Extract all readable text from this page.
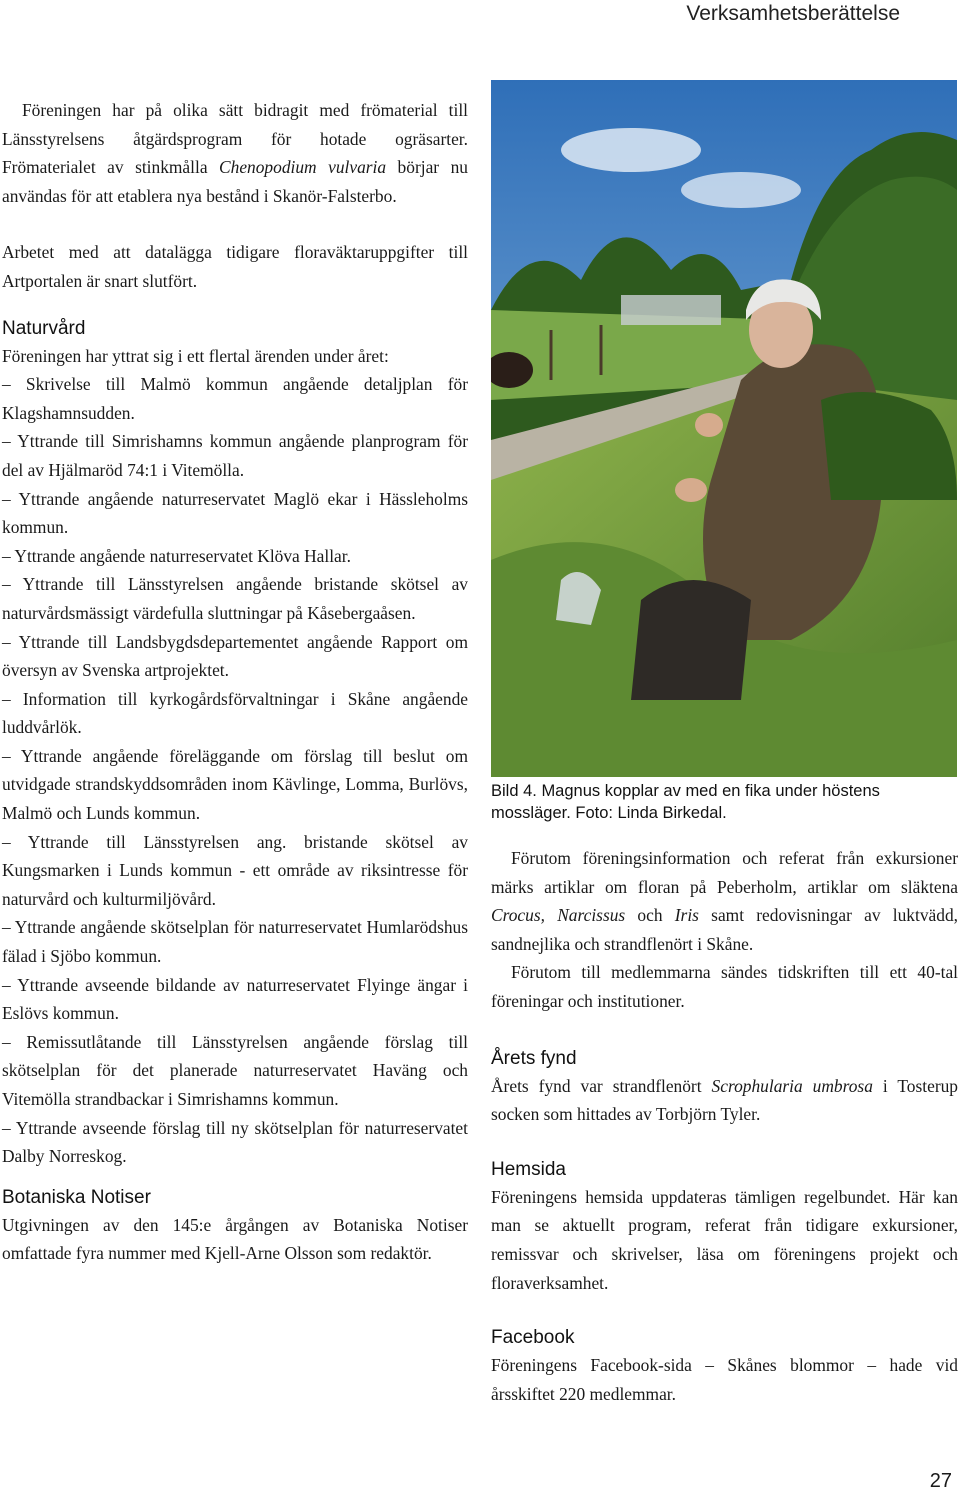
Verksamhetsberättelse

Föreningen har på olika sätt bidragit med frömaterial till Länsstyrelsens åtgärdsprogram för hotade ogräsarter. Frömaterialet av stinkmålla Chenopodium vulvaria börjar nu användas för att etablera nya bestånd i Skanör-Falsterbo.

Arbetet med att datalägga tidigare floraväktaruppgifter till Artportalen är snart slutfört.

Naturvård

Föreningen har yttrat sig i ett flertal ärenden under året:

– Skrivelse till Malmö kommun angående detaljplan för Klagshamnsudden.

– Yttrande till Simrishamns kommun angående planprogram för del av Hjälmaröd 74:1 i Vitemölla.

– Yttrande angående naturreservatet Maglö ekar i Hässleholms kommun.

– Yttrande angående naturreservatet Klöva Hallar.

– Yttrande till Länsstyrelsen angående bristande skötsel av naturvårdsmässigt värdefulla sluttningar på Kåsebergaåsen.

– Yttrande till Landsbygdsdepartementet angående Rapport om översyn av Svenska artprojektet.

– Information till kyrkogårdsförvaltningar i Skåne angående luddvårlök.

– Yttrande angående föreläggande om förslag till beslut om utvidgade strandskyddsområden inom Kävlinge, Lomma, Burlövs, Malmö och Lunds kommun.

– Yttrande till Länsstyrelsen ang. bristande skötsel av Kungsmarken i Lunds kommun - ett område av riksintresse för naturvård och kulturmiljövård.

– Yttrande angående skötselplan för naturreservatet Humlarödshus fälad i Sjöbo kommun.

– Yttrande avseende bildande av naturreservatet Flyinge ängar i Eslövs kommun.

– Remissutlåtande till Länsstyrelsen angående förslag till skötselplan för det planerade naturreservatet Haväng och Vitemölla strandbackar i Simrishamns kommun.

– Yttrande avseende förslag till ny skötselplan för naturreservatet Dalby Norreskog.

Botaniska Notiser

Utgivningen av den 145:e årgången av Botaniska Notiser omfattade fyra nummer med Kjell-Arne Olsson som redaktör.

Bild 4. Magnus kopplar av med en fika under höstens mossläger. Foto: Linda Birkedal.

Förutom föreningsinformation och referat från exkursioner märks artiklar om floran på Peberholm, artiklar om släktena Crocus, Narcissus och Iris samt redovisningar av luktvädd, sandnejlika och strandflenört i Skåne.

Förutom till medlemmarna sändes tidskriften till ett 40-tal föreningar och institutioner.

Årets fynd

Årets fynd var strandflenört Scrophularia umbrosa i Tosterup socken som hittades av Torbjörn Tyler.

Hemsida

Föreningens hemsida uppdateras tämligen regelbundet. Här kan man se aktuellt program, referat från tidigare exkursioner, remissvar och skrivelser, läsa om föreningens projekt och floraverksamhet.

Facebook

Föreningens Facebook-sida – Skånes blommor – hade vid årsskiftet 220 medlemmar.

27
